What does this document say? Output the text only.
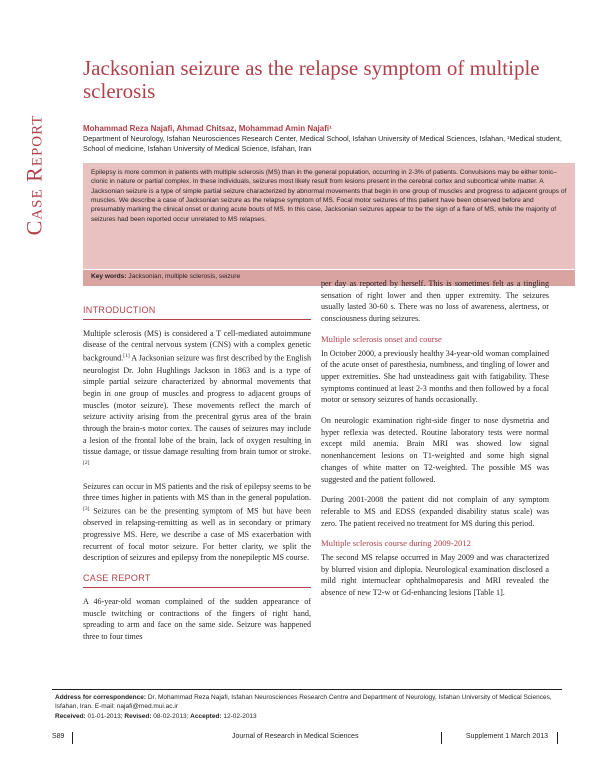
Case Report
Jacksonian seizure as the relapse symptom of multiple sclerosis
Mohammad Reza Najafi, Ahmad Chitsaz, Mohammad Amin Najafi¹
Department of Neurology, Isfahan Neurosciences Research Center, Medical School, Isfahan University of Medical Sciences, Isfahan, ¹Medical student, School of medicine, Isfahan University of Medical Science, Isfahan, Iran

Epilepsy is more common in patients with multiple sclerosis (MS) than in the general population, occurring in 2-3% of patients. Convulsions may be either tonic–clonic in nature or partial complex. In these individuals, seizures most likely result from lesions present in the cerebral cortex and subcortical white matter. A Jacksonian seizure is a type of simple partial seizure characterized by abnormal movements that begin in one group of muscles and progress to adjacent groups of muscles. We describe a case of Jacksonian seizure as the relapse symptom of MS. Focal motor seizures of this patient have been observed before and presumably marking the clinical onset or during acute bouts of MS. In this case, Jacksonian seizures appear to be the sign of a flare of MS, while the majority of seizures had been reported occur unrelated to MS relapses.

Key words: Jacksonian, multiple sclerosis, seizure
INTRODUCTION

Multiple sclerosis (MS) is considered a T cell-mediated autoimmune disease of the central nervous system (CNS) with a complex genetic background.[1] A Jacksonian seizure was first described by the English neurologist Dr. John Hughlings Jackson in 1863 and is a type of simple partial seizure characterized by abnormal movements that begin in one group of muscles and progress to adjacent groups of muscles (motor seizure). These movements reflect the march of seizure activity arising from the precentral gyrus area of the brain through the brain-s motor cortex. The causes of seizures may include a lesion of the frontal lobe of the brain, lack of oxygen resulting in tissue damage, or tissue damage resulting from brain tumor or stroke.[2]

Seizures can occur in MS patients and the risk of epilepsy seems to be three times higher in patients with MS than in the general population.[3] Seizures can be the presenting symptom of MS but have been observed in relapsing-remitting as well as in secondary or primary progressive MS. Here, we describe a case of MS exacerbation with recurrent of focal motor seizure. For better clarity, we split the description of seizures and epilepsy from the nonepileptic MS course.

CASE REPORT

A 46-year-old woman complained of the sudden appearance of muscle twitching or contractions of the fingers of right hand, spreading to arm and face on the same side. Seizure was happened three to four times

per day as reported by herself. This is sometimes felt as a tingling sensation of right lower and then upper extremity. The seizures usually lasted 30-60 s. There was no loss of awareness, alertness, or consciousness during seizures.

Multiple sclerosis onset and course

In October 2000, a previously healthy 34-year-old woman complained of the acute onset of paresthesia, numbness, and tingling of lower and upper extremities. She had unsteadiness gait with fatigability. These symptoms continued at least 2-3 months and then followed by a focal motor or sensory seizures of hands occasionally.

On neurologic examination right-side finger to nose dysmetria and hyper reflexia was detected. Routine laboratory tests were normal except mild anemia. Brain MRI was showed low signal nonenhancement lesions on T1-weighted and some high signal changes of white matter on T2-weighted. The possible MS was suggested and the patient followed.

During 2001-2008 the patient did not complain of any symptom referable to MS and EDSS (expanded disability status scale) was zero. The patient received no treatment for MS during this period.

Multiple sclerosis course during 2009-2012

The second MS relapse occurred in May 2009 and was characterized by blurred vision and diplopia. Neurological examination disclosed a mild right internuclear ophthalmoparesis and MRI revealed the absence of new T2-w or Gd-enhancing lesions [Table 1].

Address for correspondence: Dr. Mohammad Reza Najafi, Isfahan Neurosciences Research Centre and Department of Neurology, Isfahan University of Medical Sciences, Isfahan, Iran. E-mail: najafi@med.mui.ac.ir
Received: 01-01-2013; Revised: 08-02-2013; Accepted: 12-02-2013
S89	Journal of Research in Medical Sciences	Supplement 1 March 2013
